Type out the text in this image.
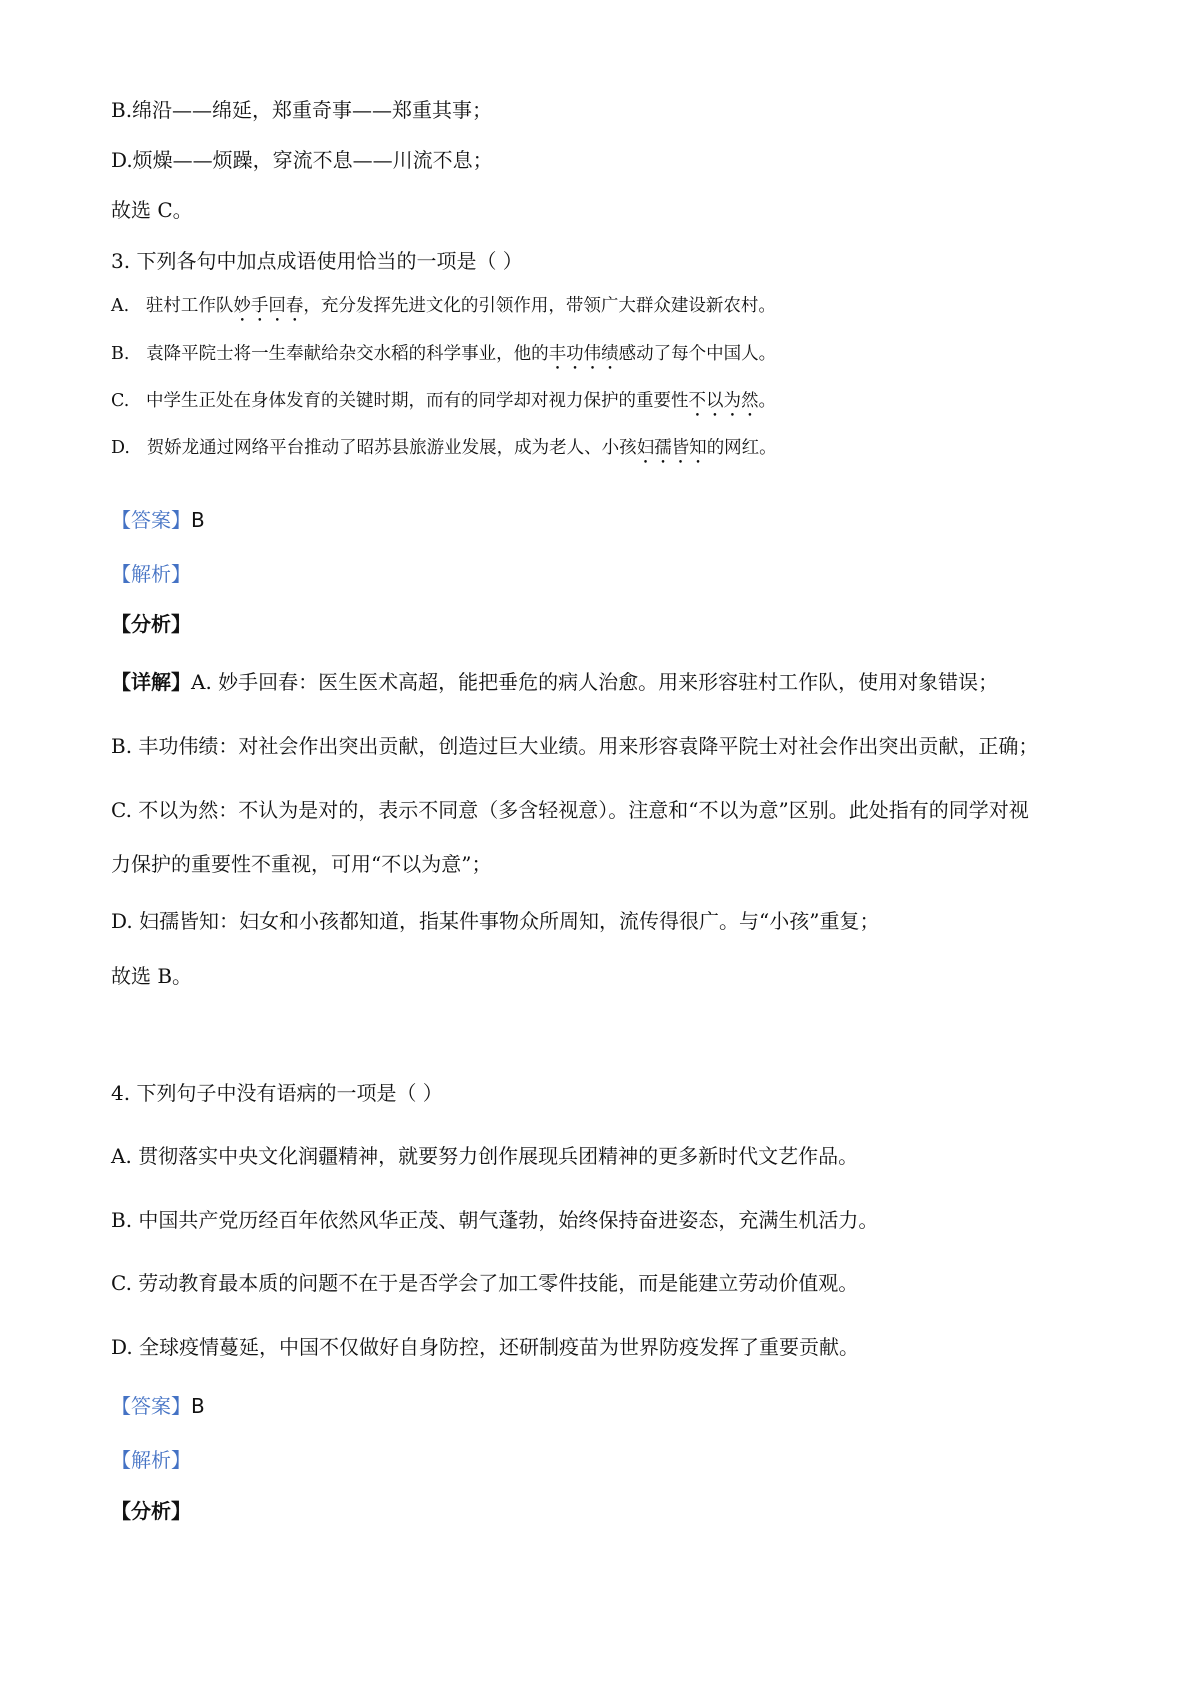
B.绵沿——绵延，郑重奇事——郑重其事；
D.烦燥——烦躁，穿流不息——川流不息；
故选 C。
3. 下列各句中加点成语使用恰当的一项是（ ）
A. 驻村工作队妙手回春，充分发挥先进文化的引领作用，带领广大群众建设新农村。
B. 袁降平院士将一生奉献给杂交水稻的科学事业，他的丰功伟绩感动了每个中国人。
C. 中学生正处在身体发育的关键时期，而有的同学却对视力保护的重要性不以为然。
D. 贺娇龙通过网络平台推动了昭苏县旅游业发展，成为老人、小孩妇孺皆知的网红。
【答案】B
【解析】
【分析】
【详解】A. 妙手回春：医生医术高超，能把垂危的病人治愈。用来形容驻村工作队，使用对象错误；
B. 丰功伟绩：对社会作出突出贡献，创造过巨大业绩。用来形容袁降平院士对社会作出突出贡献，正确；
C. 不以为然：不认为是对的，表示不同意（多含轻视意）。注意和“不以为意”区别。此处指有的同学对视
力保护的重要性不重视，可用“不以为意”；
D. 妇孺皆知：妇女和小孩都知道，指某件事物众所周知，流传得很广。与“小孩”重复；
故选 B。
4. 下列句子中没有语病的一项是（ ）
A. 贯彻落实中央文化润疆精神，就要努力创作展现兵团精神的更多新时代文艺作品。
B. 中国共产党历经百年依然风华正茂、朝气蓬勃，始终保持奋进姿态，充满生机活力。
C. 劳动教育最本质的问题不在于是否学会了加工零件技能，而是能建立劳动价值观。
D. 全球疫情蔓延，中国不仅做好自身防控，还研制疫苗为世界防疫发挥了重要贡献。
【答案】B
【解析】
【分析】
